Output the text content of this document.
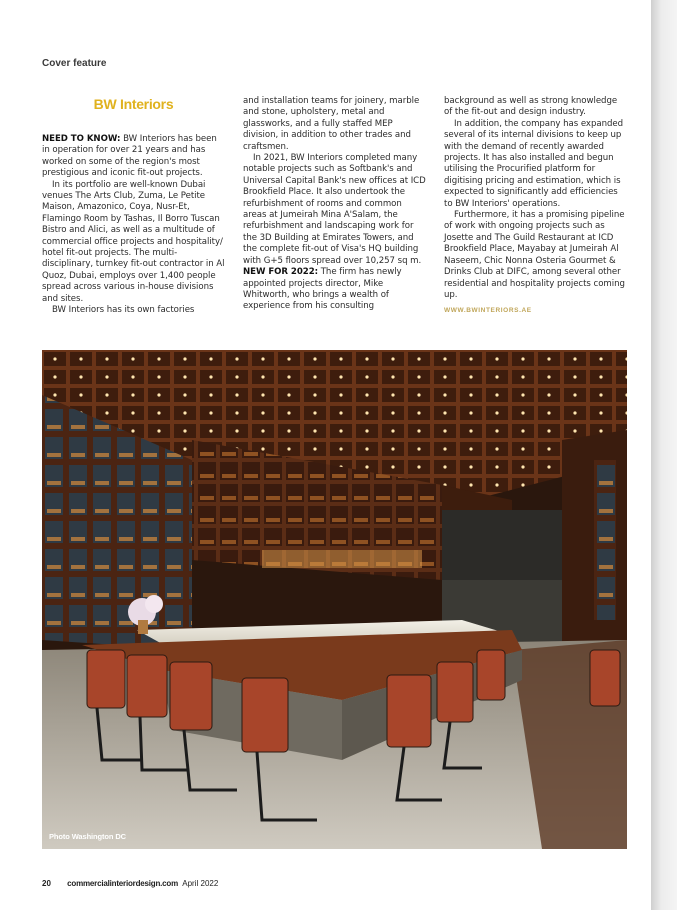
Cover feature
BW Interiors

NEED TO KNOW: BW Interiors has been in operation for over 21 years and has worked on some of the region's most prestigious and iconic fit-out projects.

In its portfolio are well-known Dubai venues The Arts Club, Zuma, Le Petite Maison, Amazonico, Coya, Nusr-Et, Flamingo Room by Tashas, Il Borro Tuscan Bistro and Alici, as well as a multitude of commercial office projects and hospitality/ hotel fit-out projects. The multi-disciplinary, turnkey fit-out contractor in Al Quoz, Dubai, employs over 1,400 people spread across various in-house divisions and sites.

BW Interiors has its own factories

and installation teams for joinery, marble and stone, upholstery, metal and glassworks, and a fully staffed MEP division, in addition to other trades and craftsmen.

In 2021, BW Interiors completed many notable projects such as Softbank's and Universal Capital Bank's new offices at ICD Brookfield Place. It also undertook the refurbishment of rooms and common areas at Jumeirah Mina A'Salam, the refurbishment and landscaping work for the 3D Building at Emirates Towers, and the complete fit-out of Visa's HQ building with G+5 floors spread over 10,257 sq m.

NEW FOR 2022: The firm has newly appointed projects director, Mike Whitworth, who brings a wealth of experience from his consulting

background as well as strong knowledge of the fit-out and design industry.

In addition, the company has expanded several of its internal divisions to keep up with the demand of recently awarded projects. It has also installed and begun utilising the Procurified platform for digitising pricing and estimation, which is expected to significantly add efficiencies to BW Interiors' operations.

Furthermore, it has a promising pipeline of work with ongoing projects such as Josette and The Guild Restaurant at ICD Brookfield Place, Mayabay at Jumeirah Al Naseem, Chic Nonna Osteria Gourmet & Drinks Club at DIFC, among several other residential and hospitality projects coming up.

WWW.BWINTERIORS.AE
Photo Washington DC
20 commercialinteriordesign.com April 2022
